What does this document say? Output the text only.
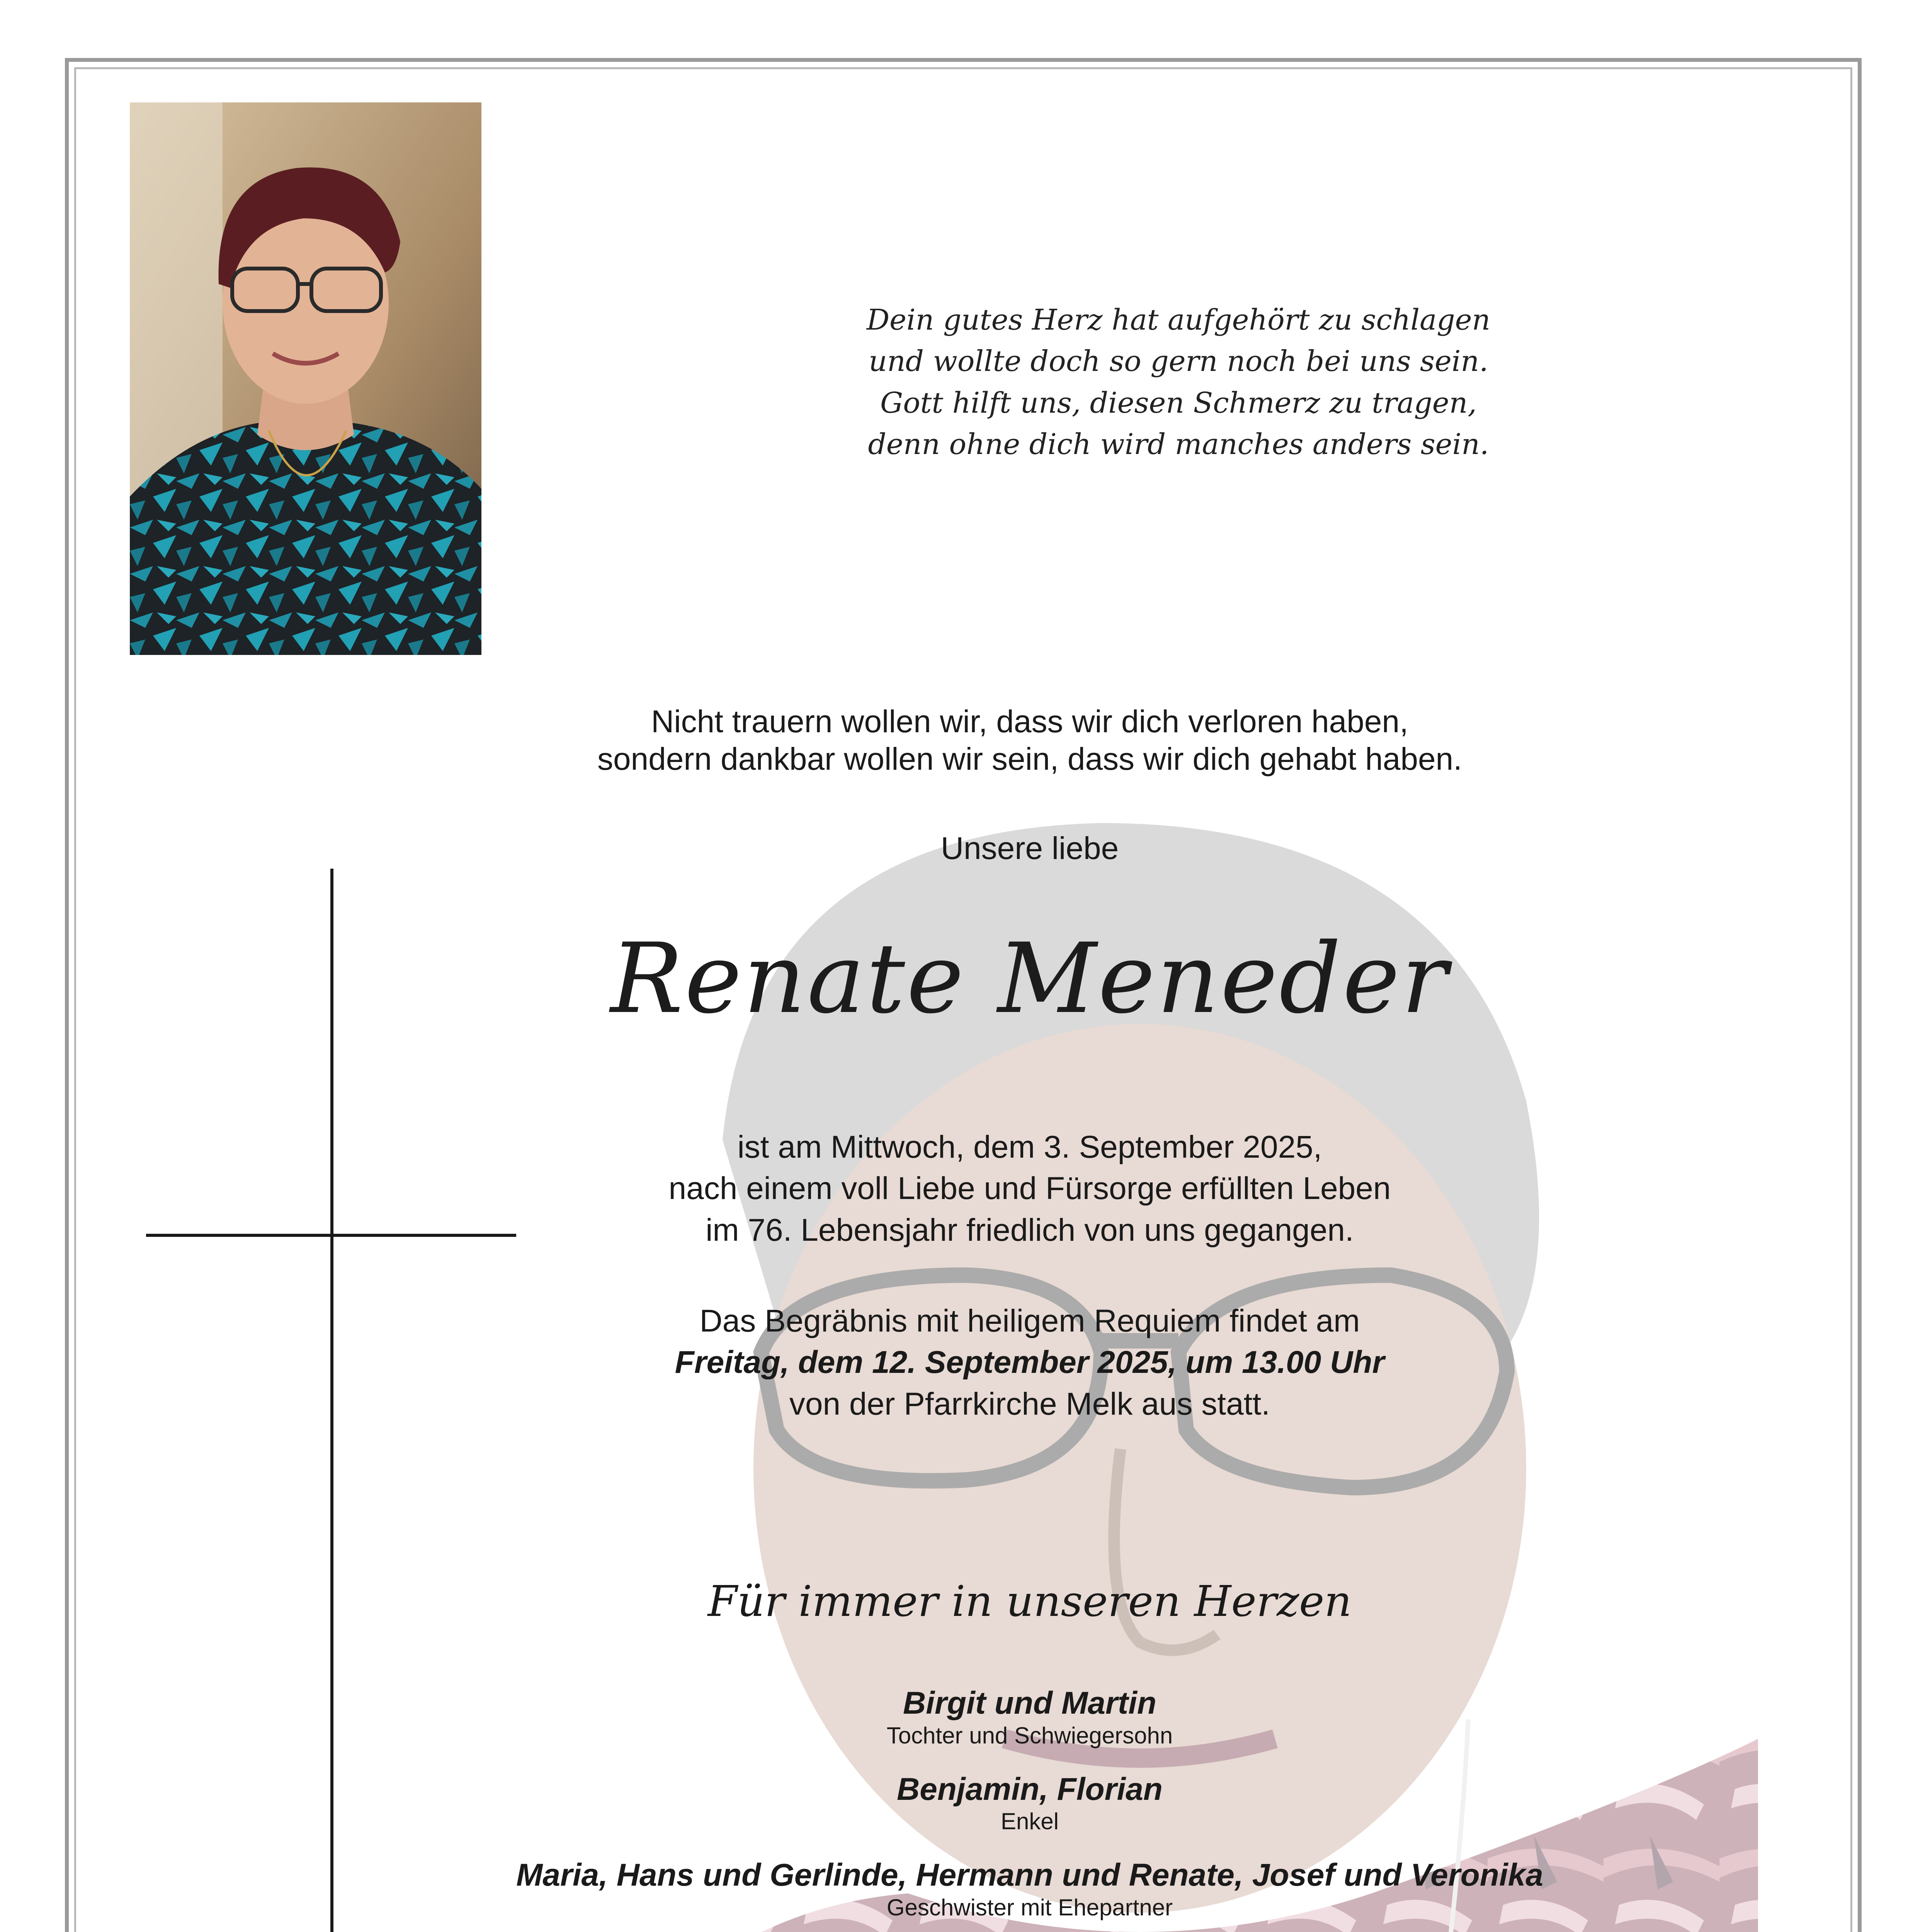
Dein gutes Herz hat aufgehört zu schlagen
und wollte doch so gern noch bei uns sein.
Gott hilft uns, diesen Schmerz zu tragen,
denn ohne dich wird manches anders sein.
Nicht trauern wollen wir, dass wir dich verloren haben,
sondern dankbar wollen wir sein, dass wir dich gehabt haben.
Unsere liebe
Renate Meneder
ist am Mittwoch, dem 3. September 2025,
nach einem voll Liebe und Fürsorge erfüllten Leben
im 76. Lebensjahr friedlich von uns gegangen.
Das Begräbnis mit heiligem Requiem findet am
Freitag, dem 12. September 2025, um 13.00 Uhr
von der Pfarrkirche Melk aus statt.
Für immer in unseren Herzen
Birgit und Martin
Tochter und Schwiegersohn
Benjamin, Florian
Enkel
Maria, Hans und Gerlinde, Hermann und Renate, Josef und Veronika
Geschwister mit Ehepartner
